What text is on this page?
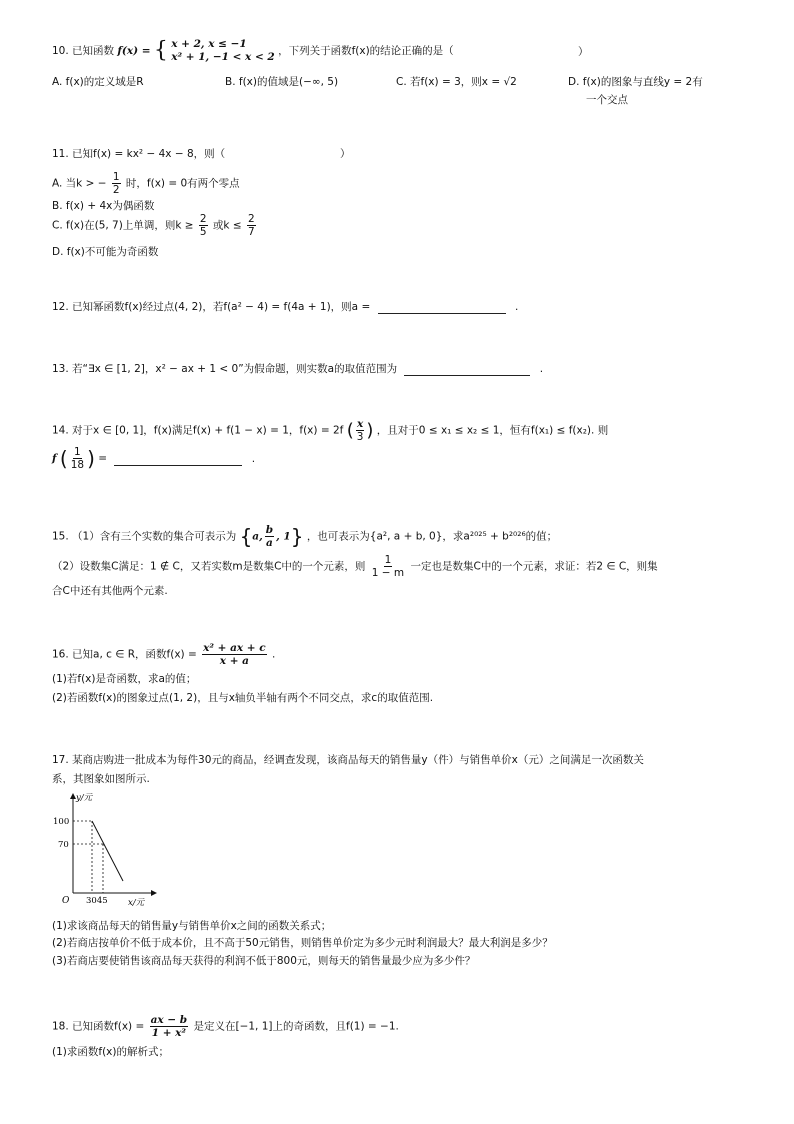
10. 已知函数 f(x) = { x + 2, x ≤ −1
x² + 1, −1 < x < 2 ，下列关于函数f(x)的结论正确的是（	）
A. f(x)的定义域是R	B. f(x)的值域是(−∞, 5)	C. 若f(x) = 3，则x = √2	D. f(x)的图象与直线y = 2有
一个交点
11. 已知f(x) = kx² − 4x − 8，则（	）
A. 当k > − $\frac{1}{2}$ 时，f(x) = 0有两个零点
B. f(x) + 4x为偶函数
C. f(x)在(5, 7)上单调，则$k \ge \frac{2}{5}$ 或$k \le \frac{2}{7}$
D. f(x)不可能为奇函数
12. 已知幂函数f(x)经过点(4, 2)，若f(a² − 4) = f(4a + 1)，则a =	.
13. 若“∃x ∈ [1, 2]，x² − ax + 1 < 0”为假命题，则实数a的取值范围为	.
14. 对于x ∈ [0, 1]，f(x)满足f(x) + f(1 − x) = 1，f(x) = 2f ( $\frac{x}{3}$ ) ，且对于0 ≤ x₁ ≤ x₂ ≤ 1，恒有f(x₁) ≤ f(x₂). 则
f ( $\frac{1}{18}$ ) =	.
15. （1）含有三个实数的集合可表示为 {a, $\frac{b}{a}$ , 1} ，也可表示为{a², a + b, 0}，求a²⁰²⁵ + b²⁰²⁶的值；
（2）设数集C满足：1 ∉ C，又若实数m是数集C中的一个元素，则 $\frac{1}{1 - m}$ 一定也是数集C中的一个元素，求证：若2 ∈ C，则集
合C中还有其他两个元素.
16. 已知a, c ∈ R，函数$f(x) = \frac{\text{x² + ax + c}}{x + a}$ .
(1)若f(x)是奇函数，求a的值；
(2)若函数f(x)的图象过点(1, 2)，且与x轴负半轴有两个不同交点，求c的取值范围.
17. 某商店购进一批成本为每件30元的商品，经调查发现，该商品每天的销售量y（件）与销售单价x（元）之间满足一次函数关
系，其图象如图所示.
y/元
100
70
O 3045 x/元
(1)求该商品每天的销售量y与销售单价x之间的函数关系式；
(2)若商店按单价不低于成本价，且不高于50元销售，则销售单价定为多少元时利润最大？最大利润是多少？
(3)若商店要使销售该商品每天获得的利润不低于800元，则每天的销售量最少应为多少件？
18. 已知函数$f(x) = \frac{ax - b}{\text{1 + x²}}$ 是定义在[−1, 1]上的奇函数，且f(1) = −1.
(1)求函数f(x)的解析式；
